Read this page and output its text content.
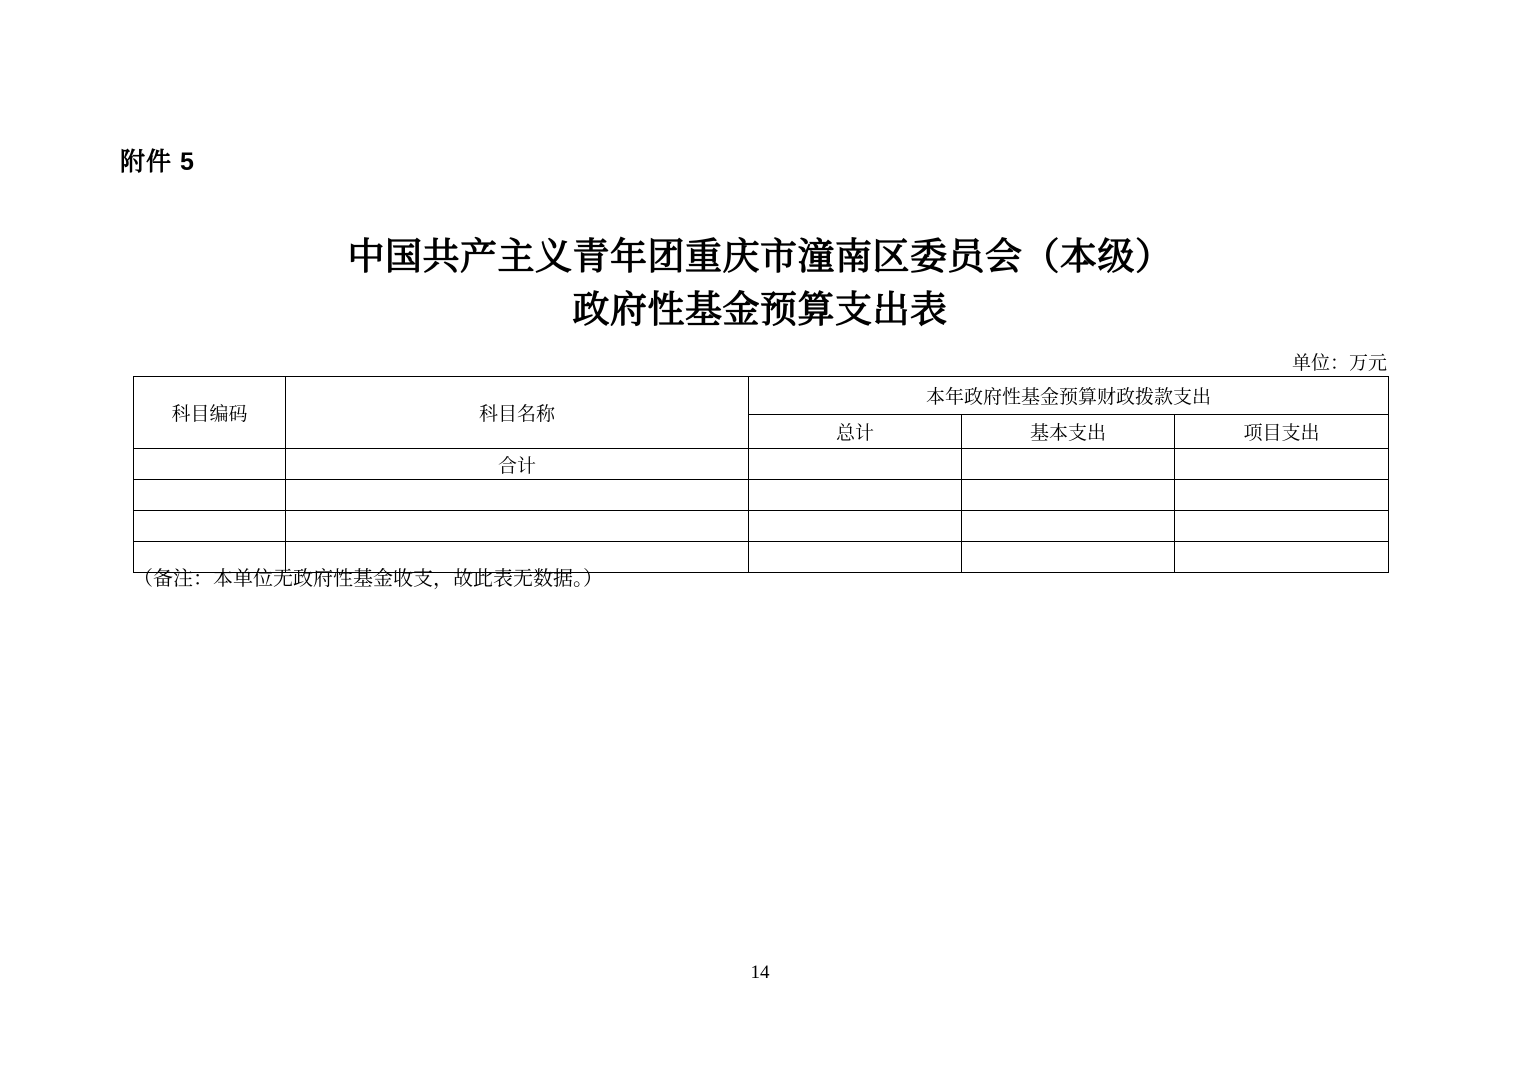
附件 5
中国共产主义青年团重庆市潼南区委员会（本级）
政府性基金预算支出表
单位：万元
科目编码	科目名称	本年政府性基金预算财政拨款支出		
		总计	基本支出	项目支出
	合计			

（备注：本单位无政府性基金收支，故此表无数据。）
14
